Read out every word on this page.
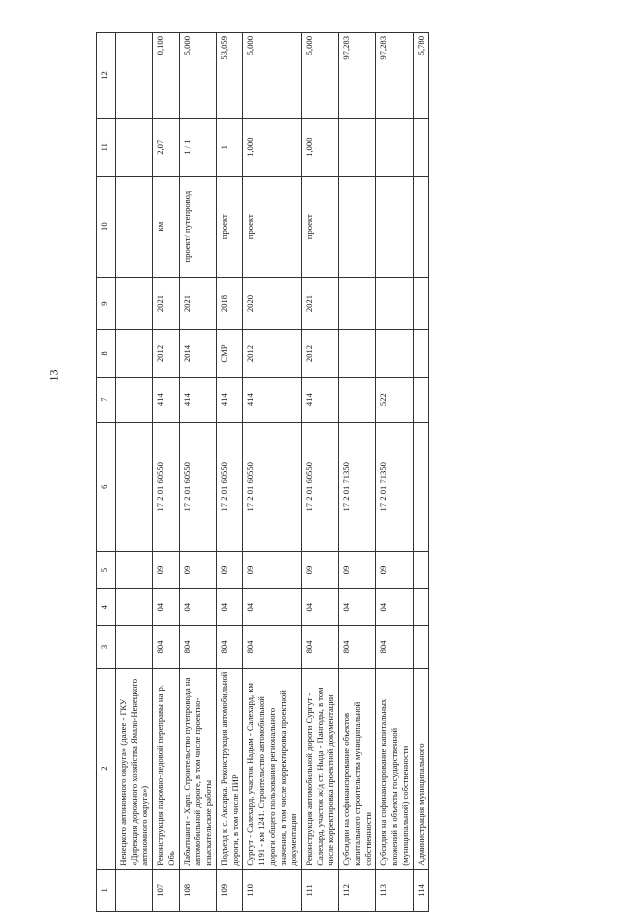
13
1	2	3	4	5	6	7	8	9	10	11	12
	Ненецкого автономного округа» (далее - ГКУ «Дирекция дорожного хозяйства Ямало-Ненецкого автономного округа»)										
107	Реконструкция паромно-ледовой переправы на р. Обь	804	04	09	17 2 01 60550	414	2012	2021	км	2,07	0,100
108	Лабытнанги - Харп. Строительство путепровода на автомобильной дороге, в том числе проектно-изыскательские работы	804	04	09	17 2 01 60550	414	2014	2021	проект/ путепровод	1 / 1	5,000
109	Подъезд к с. Аксарка. Реконструкция автомобильной дороги, в том числе ПИР	804	04	09	17 2 01 60550	414	СМР	2018	проект	1	53,059
110	Сургут - Салехард, участок Надым - Салехард, км 1191 - км 1241. Строительство автомобильной дороги общего пользования регионального значения, в том числе корректировка проектной документации	804	04	09	17 2 01 60550	414	2012	2020	проект	1,000	5,000
111	Реконструкция автомобильной дороги Сургут - Салехард, участок ж/д ст. Ныда - Пангоды, в том числе корректировка проектной документации	804	04	09	17 2 01 60550	414	2012	2021	проект	1,000	5,000
112	Субсидии на софинансирование объектов капитального строительства муниципальной собственности	804	04	09	17 2 01 71350						97,283
113	Субсидия на софинансирование капитальных вложений в объекты государственной (муниципальной) собственности	804	04	09	17 2 01 71350	522					97,283
114	Администрация муниципального										5,780
